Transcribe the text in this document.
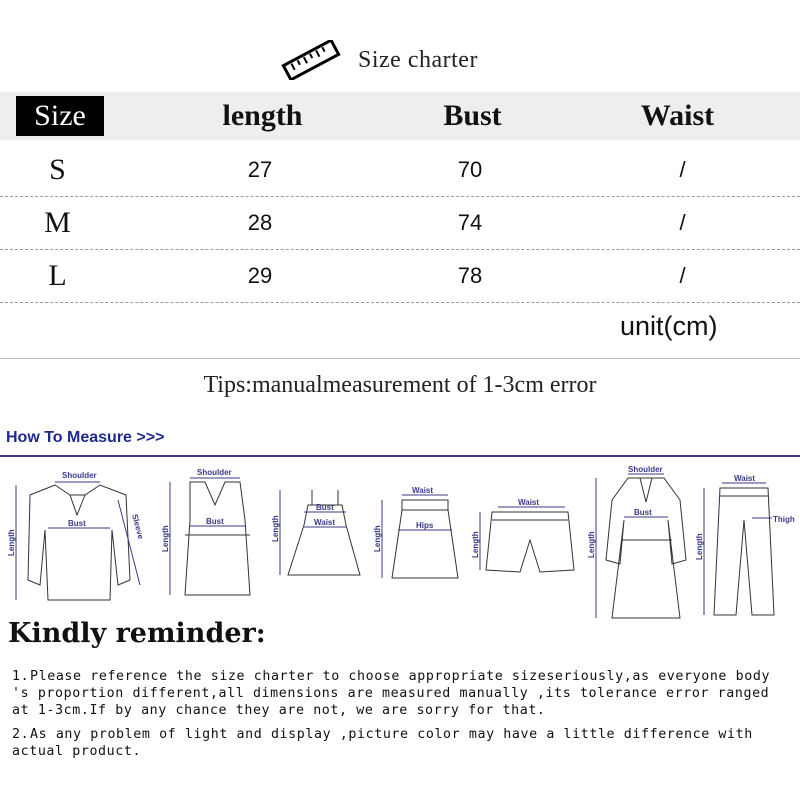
Size charter
Size	length	Bust	Waist
S	27	70	/
M	28	74	/
L	29	78	/
unit(cm)
Tips:manualmeasurement of 1-3cm error
How To Measure >>>
Shoulder
Bust
Length
Sleeve
Shoulder
Bust
Length
Bust
Waist
Length
Waist
Hips
Length
Waist
Length
Shoulder
Bust
Length
Waist
Thigh
Length
Kindly reminder:
1.Please reference the size charter to choose appropriate sizeseriously,as everyone body 's proportion different,all dimensions are measured manually ,its tolerance error ranged at 1-3cm.If by any chance they are not, we are sorry for that.
2.As any problem of light and display ,picture color may have a little difference with actual product.
